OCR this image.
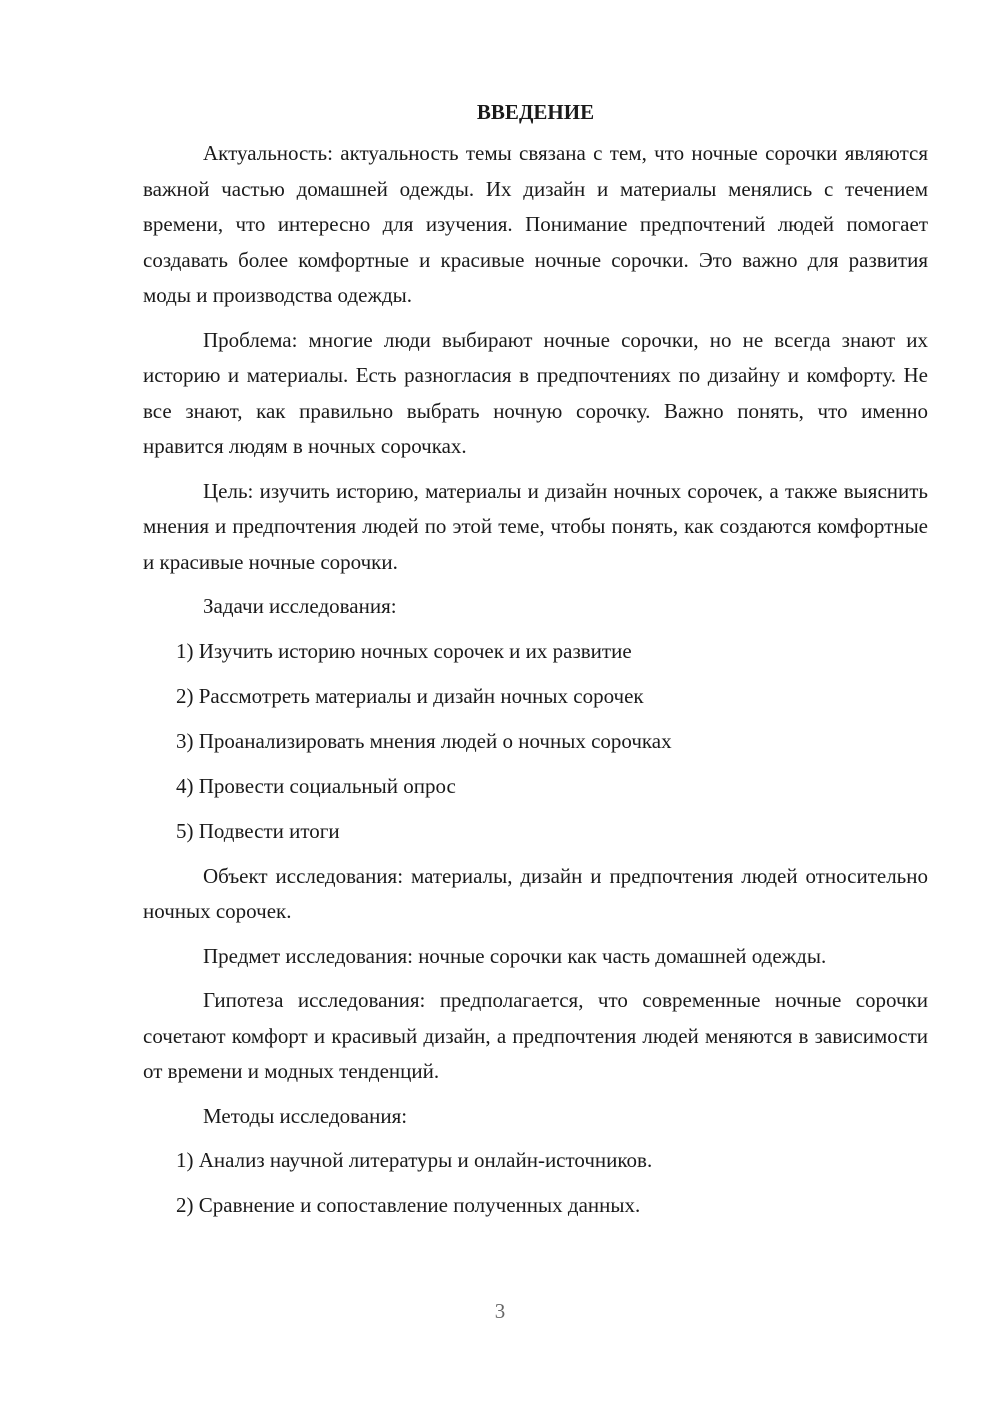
ВВЕДЕНИЕ

Актуальность: актуальность темы связана с тем, что ночные сорочки являются важной частью домашней одежды. Их дизайн и материалы менялись с течением времени, что интересно для изучения. Понимание предпочтений людей помогает создавать более комфортные и красивые ночные сорочки. Это важно для развития моды и производства одежды.

Проблема: многие люди выбирают ночные сорочки, но не всегда знают их историю и материалы. Есть разногласия в предпочтениях по дизайну и комфорту. Не все знают, как правильно выбрать ночную сорочку. Важно понять, что именно нравится людям в ночных сорочках.

Цель: изучить историю, материалы и дизайн ночных сорочек, а также выяснить мнения и предпочтения людей по этой теме, чтобы понять, как создаются комфортные и красивые ночные сорочки.

Задачи исследования:

1) Изучить историю ночных сорочек и их развитие

2) Рассмотреть материалы и дизайн ночных сорочек

3) Проанализировать мнения людей о ночных сорочках

4) Провести социальный опрос

5) Подвести итоги

Объект исследования: материалы, дизайн и предпочтения людей относительно ночных сорочек.

Предмет исследования: ночные сорочки как часть домашней одежды.

Гипотеза исследования: предполагается, что современные ночные сорочки сочетают комфорт и красивый дизайн, а предпочтения людей меняются в зависимости от времени и модных тенденций.

Методы исследования:

1) Анализ научной литературы и онлайн-источников.

2) Сравнение и сопоставление полученных данных.

3
